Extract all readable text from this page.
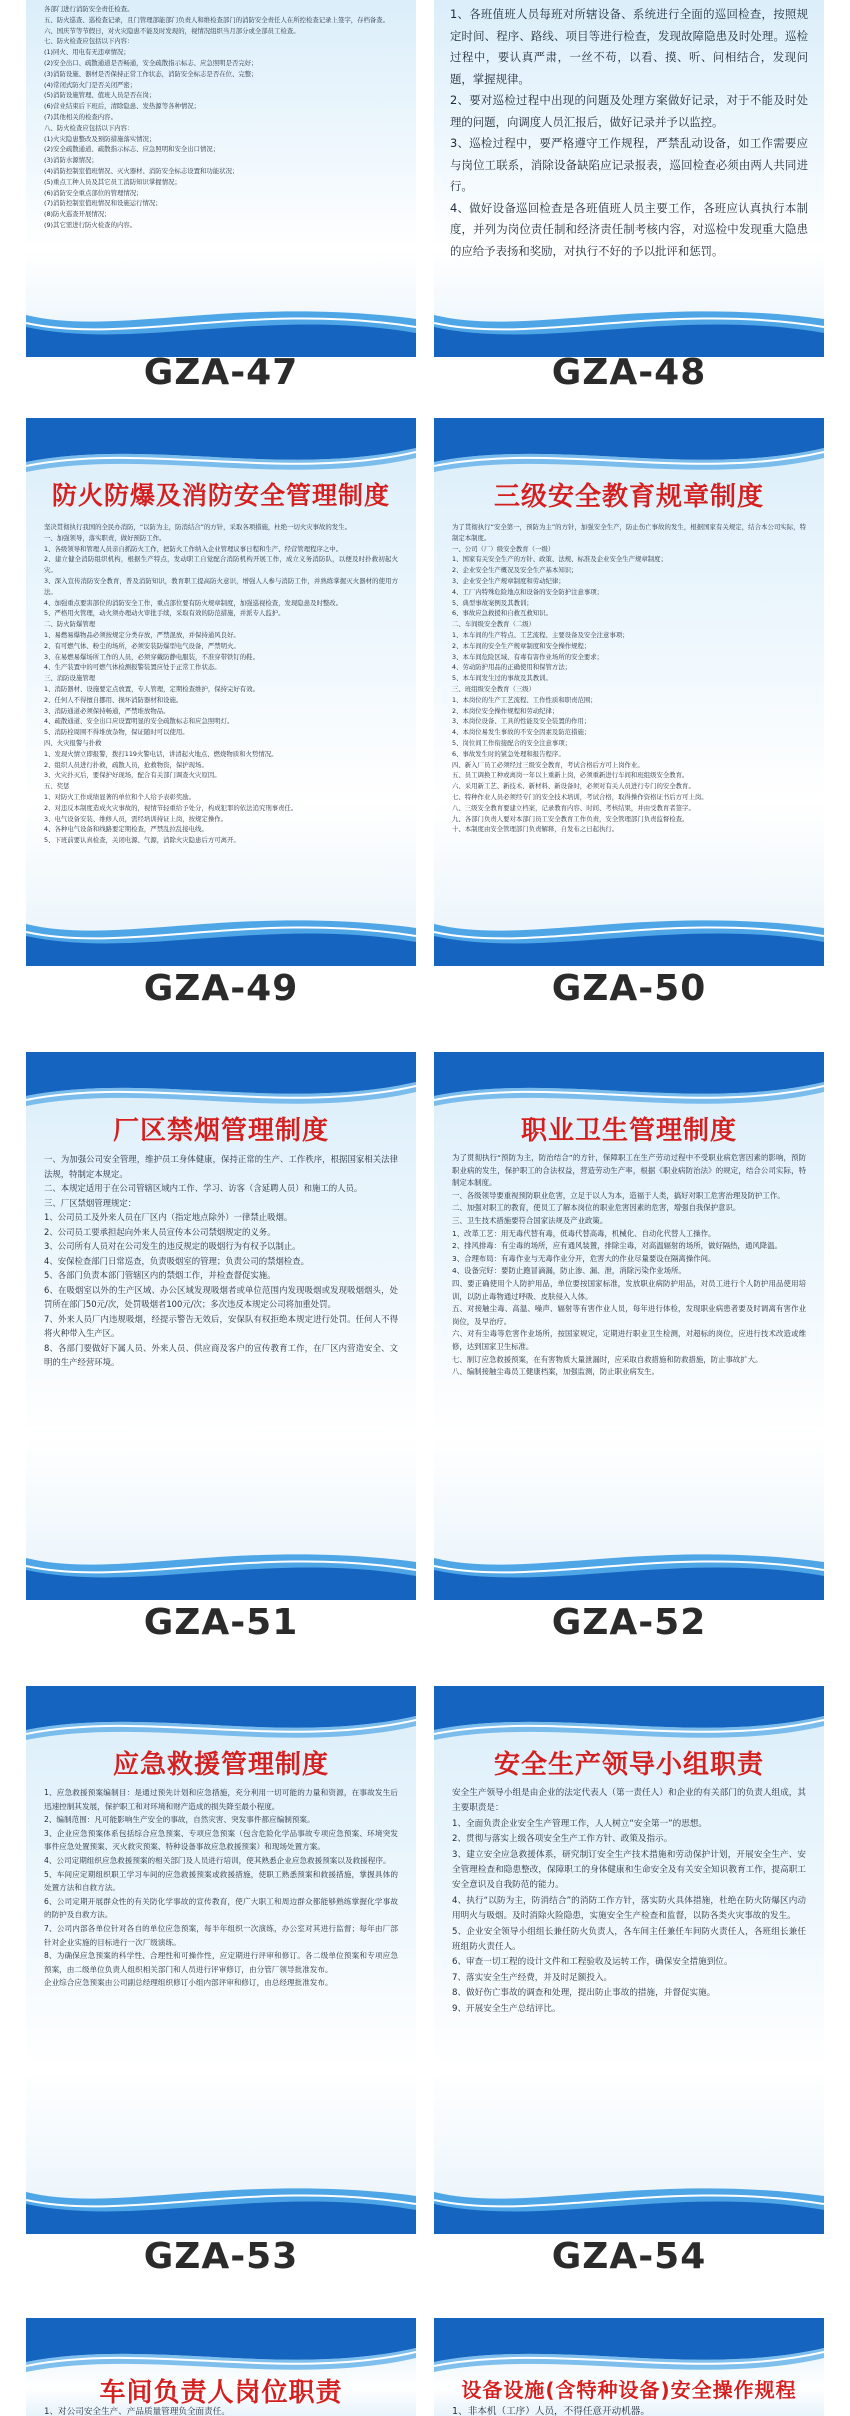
各部门进行消防安全责任检查。

五、防火巡查、巡检查记录，且门管理部能部门负责人和维检查部门的消防安全责任人在所控检查记录上签字，存档备查。

六、国庆节等节假日，对火灾隐患不能及时发现的，视情况组织当月部分或全部员工检查。

七、防火检查应包括以下内容：

(1)同火、用电有无违章情况；

(2)安全出口、疏散通道是否畅通，安全疏散指示标志、应急照明是否完好；

(3)消防设施、器材是否保持正常工作状态，消防安全标志是否在位、完整；

(4)常闭式防火门是否关闭严密；

(5)消防设施管理、值班人员是否在岗；

(6)营业结束后下班后，清除隐患、发热源等各种情况；

(7)其他相关的检查内容。

八、防火检查应包括以下内容：

(1)火灾隐患整改及预防措施落实情况；

(2)安全疏散通道、疏散指示标志、应急照明和安全出口情况；

(3)消防水源情况；

(4)消防控制室值班情况、灭火器材、消防安全标志设置和功能状况；

(5)重点工种人员及其它员工消防知识掌握情况；

(6)消防安全重点部位的管理情况；

(7)消防控制室值班情况和设施运行情况；

(8)防火巡查开展情况；

(9)其它需进行防火检查的内容。

GZA-47

1、各班值班人员每班对所辖设备、系统进行全面的巡回检查，按照规定时间、程序、路线、项目等进行检查，发现故障隐患及时处理。巡检过程中，要认真严肃，一丝不苟，以看、摸、听、问相结合，发现问题，掌握规律。

2、要对巡检过程中出现的问题及处理方案做好记录，对于不能及时处理的问题，向调度人员汇报后，做好记录并予以监控。

3、巡检过程中，要严格遵守工作规程，严禁乱动设备，如工作需要应与岗位工联系，消除设备缺陷应记录报表，巡回检查必须由两人共同进行。

4、做好设备巡回检查是各班值班人员主要工作，各班应认真执行本制度，并列为岗位责任制和经济责任制考核内容，对巡检中发现重大隐患的应给予表扬和奖励，对执行不好的予以批评和惩罚。

GZA-48
防火防爆及消防安全管理制度

坚决贯彻执行我国的全民办消防，“以防为主，防消结合”的方针，采取各项措施，杜绝一切火灾事故的发生。

一、加强领导，落实职责，做好预防工作。

1、各级领导和管理人员亲自抓防火工作，把防火工作纳入企业管理议事日程和生产、经营管理程序之中。

2、建立健全消防组织机构，根据生产特点，发动职工自觉配合消防机构开展工作，成立义务消防队，以便及时扑救初起火灾。

3、深入宣传消防安全教育，普及消防知识，教育职工提高防火意识，增强人人参与消防工作，并熟练掌握灭火器材的使用方法。

4、加强重点要害部位的消防安全工作，重点部位要有防火规章制度，加强巡视检查，发现隐患及时整改。

5、严格用火管理，动火须办理动火审批手续，采取有效的防范措施，并派专人监护。

二、防火防爆管理

1、易燃易爆物品必须按规定分类存放，严禁混放，并保持通风良好。

2、有可燃气体、粉尘的场所，必须安装防爆型电气设备，严禁明火。

3、在易燃易爆场所工作的人员，必须穿戴防静电服装，不准穿带铁钉的鞋。

4、生产装置中的可燃气体检测报警装置应处于正常工作状态。

三、消防设施管理

1、消防器材、设施要定点放置，专人管理，定期检查维护，保持完好有效。

2、任何人不得擅自挪用、损坏消防器材和设施。

3、消防通道必须保持畅通，严禁堆放物品。

4、疏散通道、安全出口应设置明显的安全疏散标志和应急照明灯。

5、消防栓周围不得堆放杂物，保证随时可以使用。

四、火灾报警与扑救

1、发现火情立即报警，拨打119火警电话，讲清起火地点、燃烧物质和火势情况。

2、组织人员进行扑救，疏散人员，抢救物资，保护现场。

3、火灾扑灭后，要保护好现场，配合有关部门调查火灾原因。

五、奖惩

1、对防火工作成绩显著的单位和个人给予表彰奖励。

2、对违反本制度造成火灾事故的，视情节轻重给予处分，构成犯罪的依法追究刑事责任。

3、电气设备安装、维修人员，需经培训持证上岗，按规定操作。

4、各种电气设备和线路要定期检查，严禁乱拉乱接电线。

5、下班前要认真检查，关闭电源、气源，消除火灾隐患后方可离开。

GZA-49
三级安全教育规章制度

为了贯彻执行“安全第一，预防为主”的方针，加强安全生产，防止伤亡事故的发生，根据国家有关规定，结合本公司实际，特制定本制度。

一、公司（厂）级安全教育（一级）

1、国家有关安全生产的方针、政策、法规、标准及企业安全生产规章制度；

2、企业安全生产概况及安全生产基本知识；

3、企业安全生产规章制度和劳动纪律；

4、工厂内特殊危险地点和设备的安全防护注意事项；

5、典型事故案例及其教训；

6、事故应急救援和自救互救知识。

二、车间级安全教育（二级）

1、本车间的生产特点、工艺流程、主要设备及安全注意事项；

2、本车间的安全生产规章制度和安全操作规程；

3、本车间危险区域、有毒有害作业场所的安全要求；

4、劳动防护用品的正确使用和保管方法；

5、本车间发生过的事故及其教训。

三、班组级安全教育（三级）

1、本岗位的生产工艺流程、工作性质和职责范围；

2、本岗位安全操作规程和劳动纪律；

3、本岗位设备、工具的性能及安全装置的作用；

4、本岗位易发生事故的不安全因素及防范措施；

5、岗位间工作衔接配合的安全注意事项；

6、事故发生时的紧急处理和报告程序。

四、新入厂员工必须经过三级安全教育，考试合格后方可上岗作业。

五、员工调换工种或离岗一年以上重新上岗，必须重新进行车间和班组级安全教育。

六、采用新工艺、新技术、新材料、新设备时，必须对有关人员进行专门的安全教育。

七、特种作业人员必须经专门的安全技术培训，考试合格，取得操作资格证书后方可上岗。

八、三级安全教育要建立档案，记录教育内容、时间、考核结果，并由受教育者签字。

九、各部门负责人要对本部门员工安全教育工作负责，安全管理部门负责监督检查。

十、本制度由安全管理部门负责解释，自发布之日起执行。

GZA-50
厂区禁烟管理制度

一、为加强公司安全管理，维护员工身体健康，保持正常的生产、工作秩序，根据国家相关法律法规，特制定本规定。

二、本规定适用于在公司管辖区域内工作、学习、访客（含延聘人员）和施工的人员。

三、厂区禁烟管理规定：

1、公司员工及外来人员在厂区内（指定地点除外）一律禁止吸烟。

2、公司员工要承担起向外来人员宣传本公司禁烟规定的义务。

3、公司所有人员对在公司发生的违反规定的吸烟行为有权予以制止。

4、安保检查部门日常巡查，负责吸烟室的管理；负责公司的禁烟检查。

5、各部门负责本部门管辖区内的禁烟工作，并检查督促实施。

6、在吸烟室以外的生产区域、办公区域发现吸烟者或单位范围内发现吸烟或发现吸烟烟头，处罚所在部门50元/次，处罚吸烟者100元/次；多次违反本规定公司将加重处罚。

7、外来人员厂内违规吸烟，经提示警告无效后，安保队有权拒绝本规定进行处罚。任何人不得将火种带入生产区。

8、各部门要做好下属人员、外来人员、供应商及客户的宣传教育工作，在厂区内营造安全、文明的生产经营环境。

GZA-51
职业卫生管理制度

为了贯彻执行“预防为主，防治结合”的方针，保障职工在生产劳动过程中不受职业病危害因素的影响，预防职业病的发生，保护职工的合法权益，营造劳动生产率，根据《职业病防治法》的规定，结合公司实际，特制定本制度。

一、各级领导要重视预防职业危害，立足于以人为本，造福于人类，搞好对职工危害治理及防护工作。

二、加强对职工的教育，使员工了解本岗位的职业危害因素的危害，增强自我保护意识。

三、卫生技术措施要符合国家法规及产业政策。

1、改革工艺：用无毒代替有毒，低毒代替高毒，机械化、自动化代替人工操作。

2、排风排毒：有尘毒的场所，应有通风装置，排除尘毒，对高温辐射的场所，做好隔热，通风降温。

3、合理布局：有毒作业与无毒作业分开，危害大的作业尽量要设在隔离操作间。

4、设备完好：要防止跑冒滴漏，防止渗、漏、泄，消除污染作业场所。

四、要正确使用个人防护用品，单位要按国家标准，发放职业病防护用品，对员工进行个人防护用品使用培训，以防止毒物通过呼吸、皮肤侵入人体。

五、对接触尘毒、高温、噪声、辐射等有害作业人员，每年进行体检，发现职业病患者要及时调离有害作业岗位，及早治疗。

六、对有尘毒等危害作业场所，按国家规定，定期进行职业卫生检测，对超标的岗位，应进行技术改造或维修，达到国家卫生标准。

七、制订应急救援预案，在有害物质大量泄漏时，应采取自救措施和防救措施，防止事故扩大。

八、编制接触尘毒员工健康档案，加强监测，防止职业病发生。

GZA-52
应急救援管理制度

1、应急救援预案编制目：是通过预先计划和应急措施，充分利用一切可能的力量和资源，在事故发生后迅速控制其发展，保护职工和对环境和财产造成的损失降至最小程度。

2、编制范围：凡可能影响生产安全的事故，自然灾害、突发事件都应编制预案。

3、企业应急预案体系包括综合应急预案、专项应急预案（包含危险化学品事故专项应急预案、环境突发事件应急处置预案、灭火救灾预案、特种设备事故应急救援预案）和现场处置方案。

4、公司定期组织应急救援预案的相关部门及人员进行培训，使其熟悉企业应急救援预案以及救援程序。

5、车间应定期组织职工学习车间的应急救援预案或救援措施，使职工熟悉预案和救援措施，掌握具体的处置方法和自救方法。

6、公司定期开展群众性的有关防化学事故的宣传教育，使广大职工和周边群众都能够熟练掌握化学事故的防护及自救方法。

7、公司内部各单位针对各自的单位应急预案，每半年组织一次演练，办公室对其进行监督；每年由厂部针对企业实施的目标进行一次厂级演练。

8、为确保应急预案的科学性、合理性和可操作性，应定期进行评审和修订。各二级单位预案和专项应急预案，由二级单位负责人组织相关部门和人员进行评审修订，由分管厂领导批准发布。

企业综合应急预案由公司副总经理组织修订小组内部评审和修订，由总经理批准发布。

GZA-53
安全生产领导小组职责

安全生产领导小组是由企业的法定代表人（第一责任人）和企业的有关部门的负责人组成，其主要职责是：

1、全面负责企业安全生产管理工作，人人树立“安全第一”的思想。

2、贯彻与落实上级各项安全生产工作方针、政策及指示。

3、建立安全应急救援体系，研究制订安全生产技术措施和劳动保护计划，开展安全生产、安全管理检查和隐患整改，保障职工的身体健康和生命安全及有关安全知识教育工作，提高职工安全意识及自我防范的能力。

4、执行“以防为主，防消结合”的消防工作方针，落实防火具体措施，杜绝在防火防爆区内动用明火与吸烟。及时消除火险隐患，实施安全生产检查和监督，以防各类火灾事故的发生。

5、企业安全领导小组组长兼任防火负责人，各车间主任兼任车间防火责任人，各班组长兼任班组防火责任人。

6、审查一切工程的设计文件和工程验收及运转工作，确保安全措施到位。

7、落实安全生产经费，并及时足额投入。

8、做好伤亡事故的调查和处理，提出防止事故的措施，并督促实施。

9、开展安全生产总结评比。

GZA-54
车间负责人岗位职责

1、对公司安全生产、产品质量管理负全面责任。

设备设施(含特种设备)安全操作规程

1、非本机（工序）人员，不得任意开动机器。
